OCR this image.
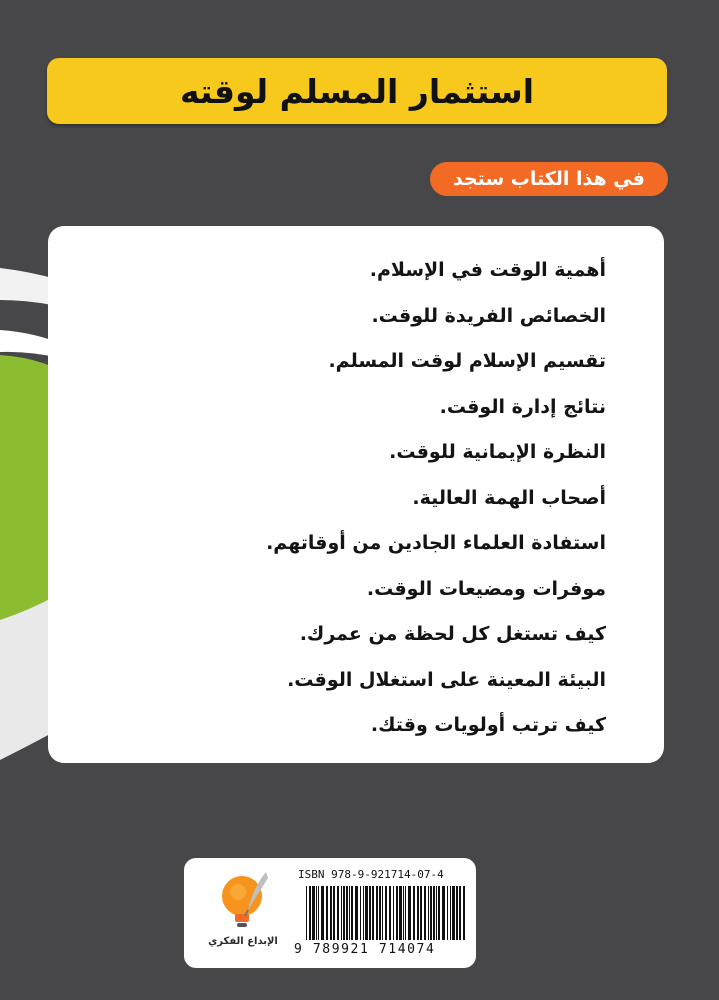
استثمار المسلم لوقته
في هذا الكتاب ستجد
أهمية الوقت في الإسلام.
الخصائص الفريدة للوقت.
تقسيم الإسلام لوقت المسلم.
نتائج إدارة الوقت.
النظرة الإيمانية للوقت.
أصحاب الهمة العالية.
استفادة العلماء الجادين من أوقاتهم.
موفرات ومضيعات الوقت.
كيف تستغل كل لحظة من عمرك.
البيئة المعينة على استغلال الوقت.
كيف ترتب أولويات وقتك.
الإبداع الفكري
ISBN 978-9-921714-07-4
9 789921 714074
